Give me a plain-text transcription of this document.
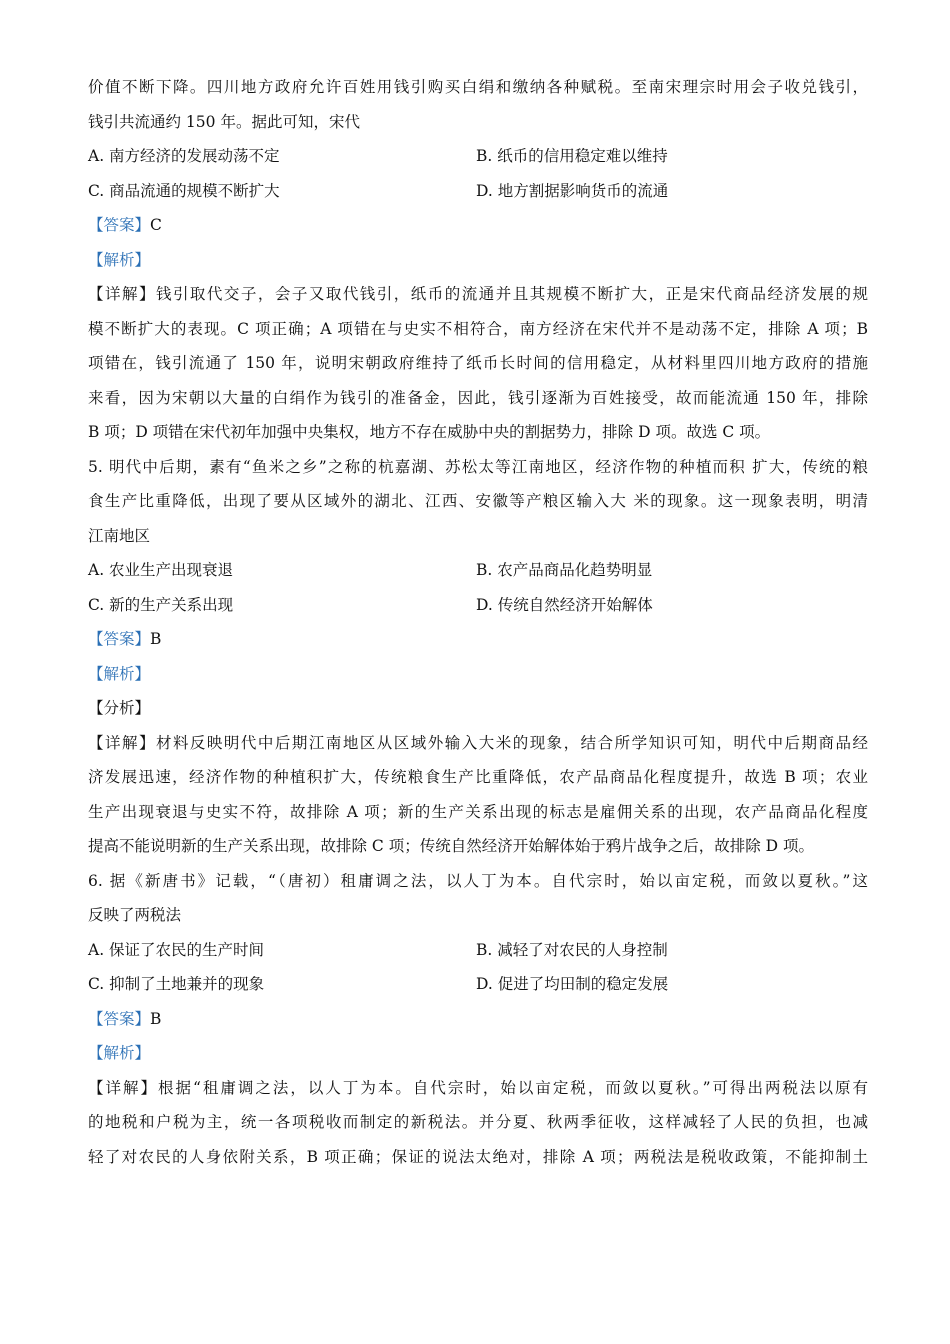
价值不断下降。四川地方政府允许百姓用钱引购买白绢和缴纳各种赋税。至南宋理宗时用会子收兑钱引，
钱引共流通约 150 年。据此可知，宋代
A. 南方经济的发展动荡不定	B. 纸币的信用稳定难以维持
C. 商品流通的规模不断扩大	D. 地方割据影响货币的流通
【答案】C
【解析】
【详解】钱引取代交子，会子又取代钱引，纸币的流通并且其规模不断扩大，正是宋代商品经济发展的规
模不断扩大的表现。C 项正确；A 项错在与史实不相符合，南方经济在宋代并不是动荡不定，排除 A 项；B
项错在，钱引流通了 150 年，说明宋朝政府维持了纸币长时间的信用稳定，从材料里四川地方政府的措施
来看，因为宋朝以大量的白绢作为钱引的准备金，因此，钱引逐渐为百姓接受，故而能流通 150 年，排除
B 项；D 项错在宋代初年加强中央集权，地方不存在威胁中央的割据势力，排除 D 项。故选 C 项。
5. 明代中后期，素有“鱼米之乡”之称的杭嘉湖、苏松太等江南地区，经济作物的种植而积 扩大，传统的粮
食生产比重降低，出现了要从区域外的湖北、江西、安徽等产粮区输入大 米的现象。这一现象表明，明清
江南地区
A. 农业生产出现衰退	B. 农产品商品化趋势明显
C. 新的生产关系出现	D. 传统自然经济开始解体
【答案】B
【解析】
【分析】
【详解】材料反映明代中后期江南地区从区域外输入大米的现象，结合所学知识可知，明代中后期商品经
济发展迅速，经济作物的种植积扩大，传统粮食生产比重降低，农产品商品化程度提升，故选 B 项；农业
生产出现衰退与史实不符，故排除 A 项；新的生产关系出现的标志是雇佣关系的出现，农产品商品化程度
提高不能说明新的生产关系出现，故排除 C 项；传统自然经济开始解体始于鸦片战争之后，故排除 D 项。
6. 据《新唐书》记载，“（唐初）租庸调之法，以人丁为本。自代宗时，始以亩定税，而敛以夏秋。”这
反映了两税法
A. 保证了农民的生产时间	B. 减轻了对农民的人身控制
C. 抑制了土地兼并的现象	D. 促进了均田制的稳定发展
【答案】B
【解析】
【详解】根据“租庸调之法，以人丁为本。自代宗时，始以亩定税，而敛以夏秋。”可得出两税法以原有
的地税和户税为主，统一各项税收而制定的新税法。并分夏、秋两季征收，这样减轻了人民的负担，也减
轻了对农民的人身依附关系，B 项正确；保证的说法太绝对，排除 A 项；两税法是税收政策，不能抑制土
